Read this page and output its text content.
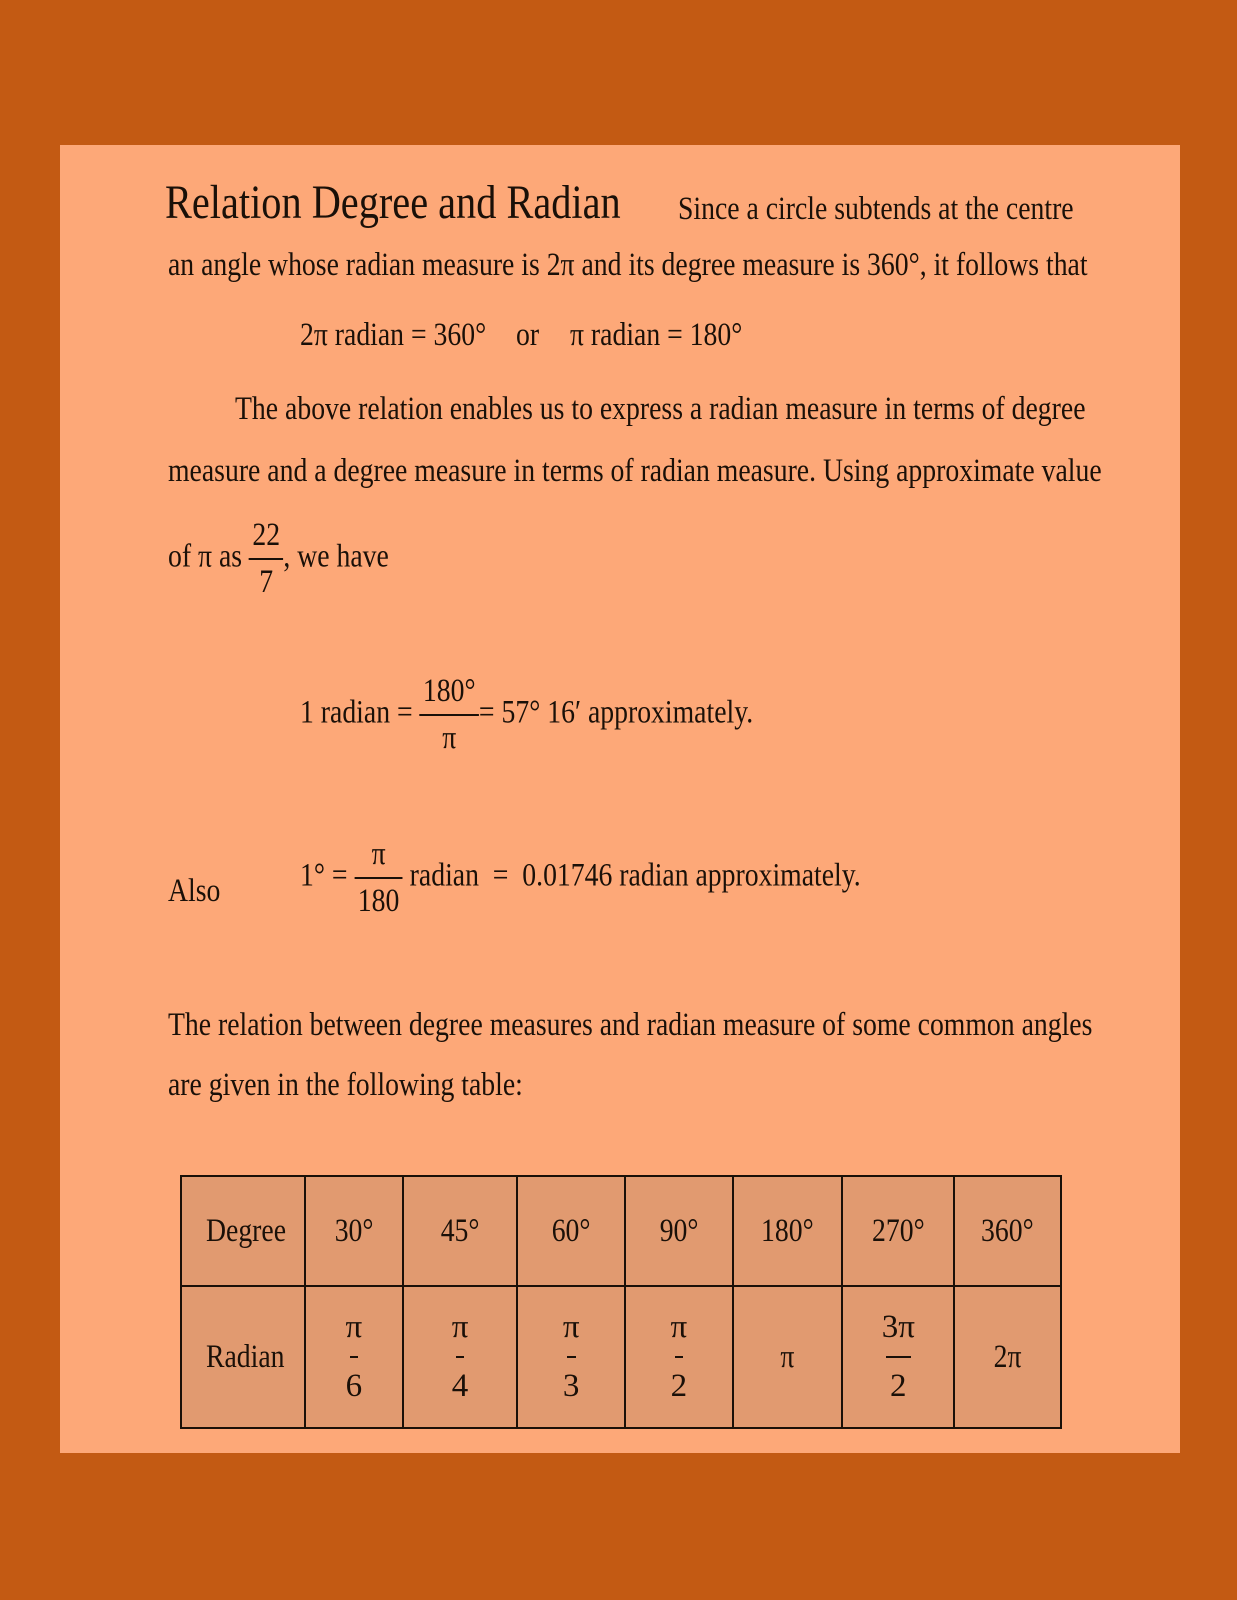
Relation Degree and Radian	Since a circle subtends at the centre
an angle whose radian measure is 2π and its degree measure is 360°, it follows that
2π radian = 360° or π radian = 180°
The above relation enables us to express a radian measure in terms of degree
measure and a degree measure in terms of radian measure. Using approximate value
of π as $\frac{22}{7}$ , we have
1 radian = $\frac{180^\circ}{\pi} = 57^\circ$ 16′ approximately.
Also	$1^\circ = \frac{\pi}{180}$ radian  =  0.01746 radian approximately.
The relation between degree measures and radian measure of some common angles
are given in the following table:
Degree	30°	45°	60°	90°	180°	270°	360°
Radian	$\frac{\pi}{6}$	$\frac{\pi}{4}$	$\frac{\pi}{3}$	$\frac{\pi}{2}$	π	$\frac{3\pi}{2}$	2π
